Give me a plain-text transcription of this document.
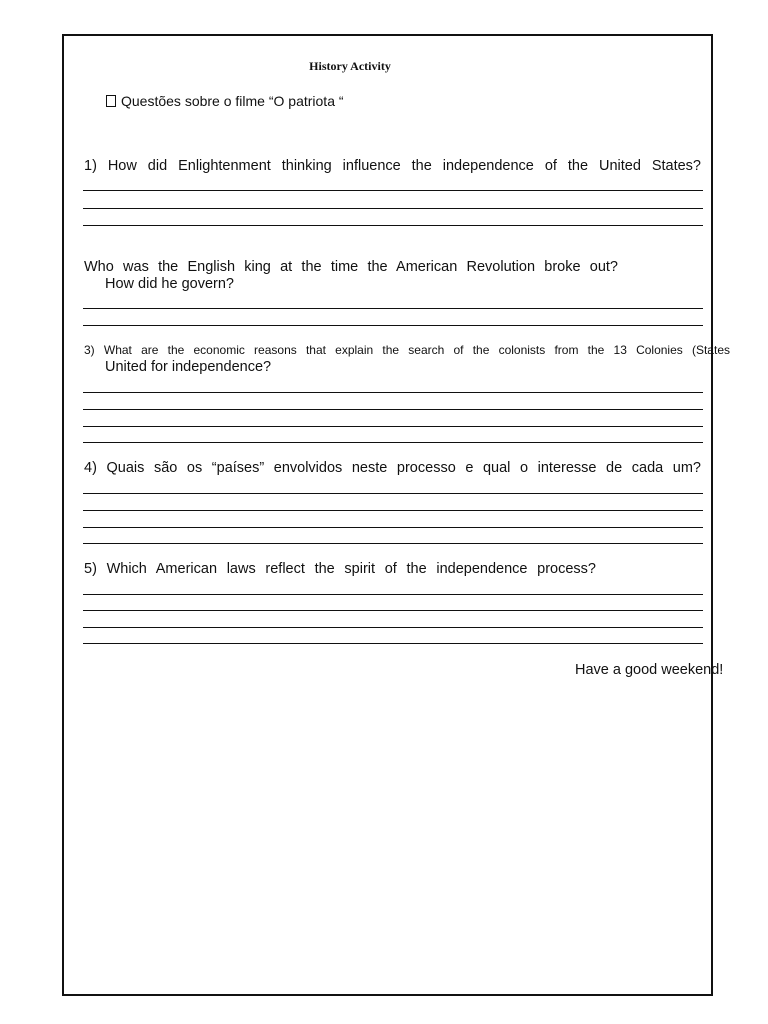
History Activity
Questões sobre o filme “O patriota “
1) How did Enlightenment thinking influence the independence of the United States?
Who was the English king at the time the American Revolution broke out?
How did he govern?
3) What are the economic reasons that explain the search of the colonists from the 13 Colonies (States
United for independence?
4) Quais são os “países” envolvidos neste processo e qual o interesse de cada um?
5) Which American laws reflect the spirit of the independence process?
Have a good weekend!
